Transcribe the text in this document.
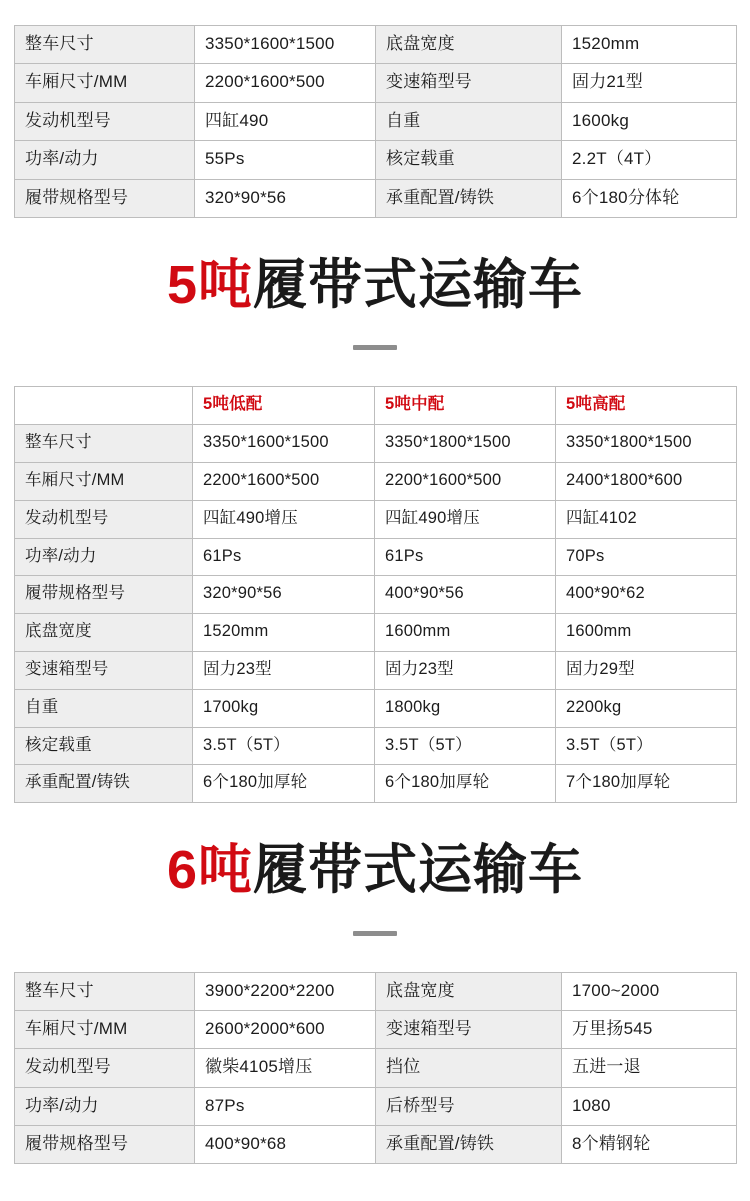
整车尺寸	3350*1600*1500	底盘宽度	1520mm
车厢尺寸/MM	2200*1600*500	变速箱型号	固力21型
发动机型号	四缸490	自重	1600kg
功率/动力	55Ps	核定载重	2.2T（4T）
履带规格型号	320*90*56	承重配置/铸铁	6个180分体轮
5吨履带式运输车
	5吨低配	5吨中配	5吨高配
整车尺寸	3350*1600*1500	3350*1800*1500	3350*1800*1500
车厢尺寸/MM	2200*1600*500	2200*1600*500	2400*1800*600
发动机型号	四缸490增压	四缸490增压	四缸4102
功率/动力	61Ps	61Ps	70Ps
履带规格型号	320*90*56	400*90*56	400*90*62
底盘宽度	1520mm	1600mm	1600mm
变速箱型号	固力23型	固力23型	固力29型
自重	1700kg	1800kg	2200kg
核定载重	3.5T（5T）	3.5T（5T）	3.5T（5T）
承重配置/铸铁	6个180加厚轮	6个180加厚轮	7个180加厚轮
6吨履带式运输车
整车尺寸	3900*2200*2200	底盘宽度	1700~2000
车厢尺寸/MM	2600*2000*600	变速箱型号	万里扬545
发动机型号	徽柴4105增压	挡位	五进一退
功率/动力	87Ps	后桥型号	1080
履带规格型号	400*90*68	承重配置/铸铁	8个精钢轮
